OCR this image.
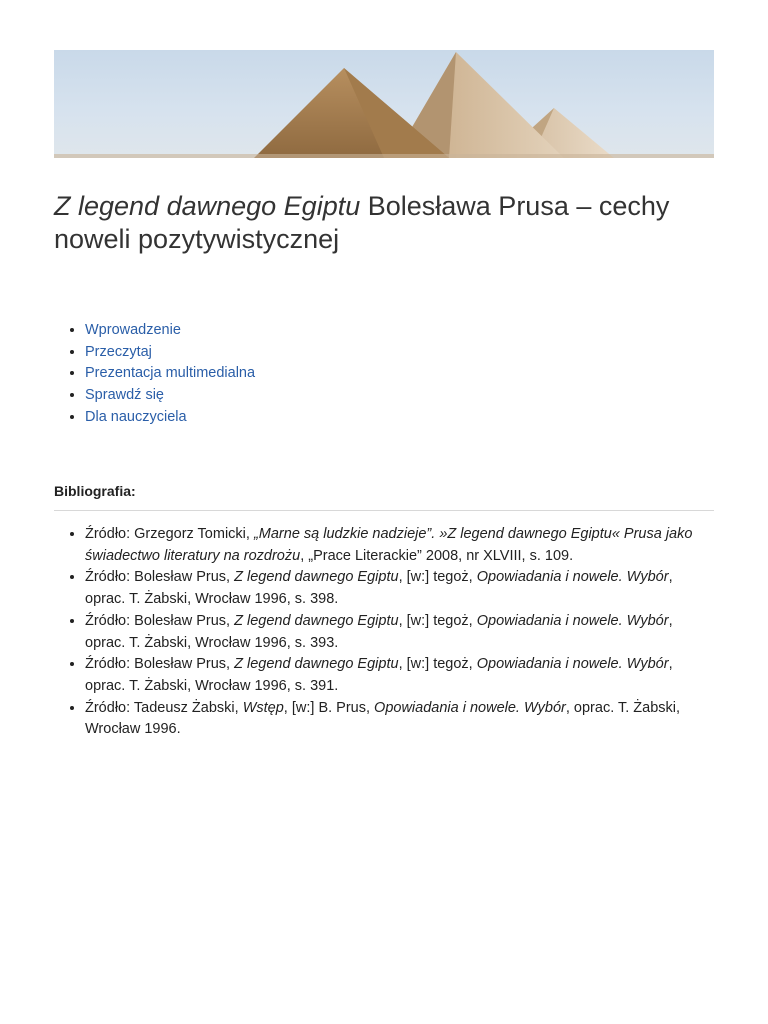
Z legend dawnego Egiptu Bolesława Prusa – cechy noweli pozytywistycznej
• Wprowadzenie
• Przeczytaj
• Prezentacja multimedialna
• Sprawdź się
• Dla nauczyciela
Bibliografia:
• Źródło: Grzegorz Tomicki, „Marne są ludzkie nadzieje”. »Z legend dawnego Egiptu« Prusa jako świadectwo literatury na rozdrożu, „Prace Literackie” 2008, nr XLVIII, s. 109.
• Źródło: Bolesław Prus, Z legend dawnego Egiptu, [w:] tegoż, Opowiadania i nowele. Wybór, oprac. T. Żabski, Wrocław 1996, s. 398.
• Źródło: Bolesław Prus, Z legend dawnego Egiptu, [w:] tegoż, Opowiadania i nowele. Wybór, oprac. T. Żabski, Wrocław 1996, s. 393.
• Źródło: Bolesław Prus, Z legend dawnego Egiptu, [w:] tegoż, Opowiadania i nowele. Wybór, oprac. T. Żabski, Wrocław 1996, s. 391.
• Źródło: Tadeusz Żabski, Wstęp, [w:] B. Prus, Opowiadania i nowele. Wybór, oprac. T. Żabski, Wrocław 1996.
